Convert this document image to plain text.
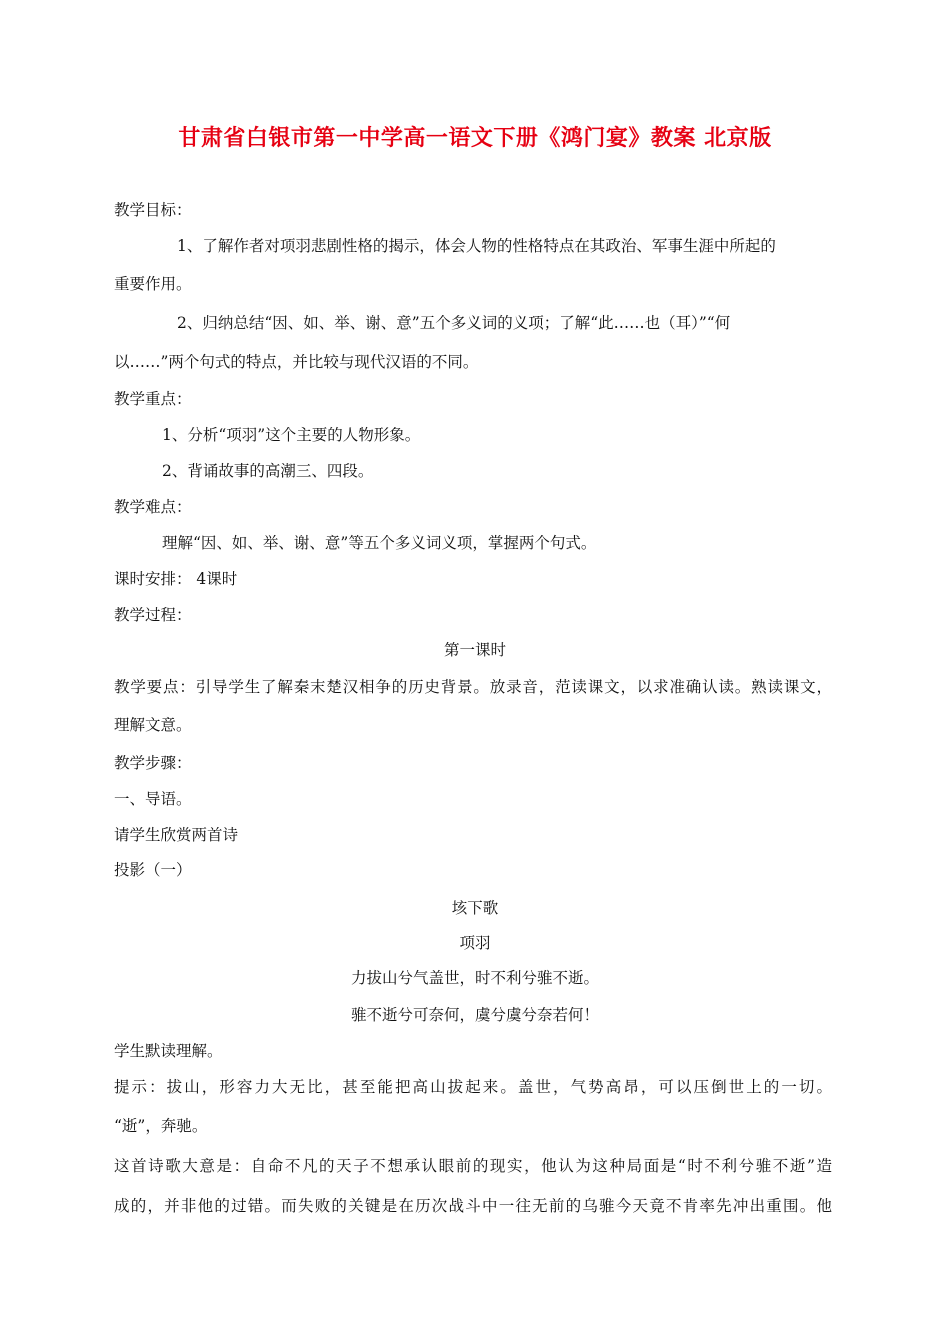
甘肃省白银市第一中学高一语文下册《鸿门宴》教案 北京版
教学目标：
1、了解作者对项羽悲剧性格的揭示，体会人物的性格特点在其政治、军事生涯中所起的
重要作用。
2、归纳总结“因、如、举、谢、意”五个多义词的义项；了解“此……也（耳）”“何
以……”两个句式的特点，并比较与现代汉语的不同。
教学重点：
1、分析“项羽”这个主要的人物形象。
2、背诵故事的高潮三、四段。
教学难点：
理解“因、如、举、谢、意”等五个多义词义项，掌握两个句式。
课时安排： 4课时
教学过程：
第一课时
教学要点：引导学生了解秦末楚汉相争的历史背景。放录音，范读课文，以求准确认读。熟读课文，
理解文意。
教学步骤：
一、导语。
请学生欣赏两首诗
投影（一）
垓下歌
项羽
力拔山兮气盖世，时不利兮骓不逝。
骓不逝兮可奈何，虞兮虞兮奈若何！
学生默读理解。
提示：拔山，形容力大无比，甚至能把高山拔起来。盖世，气势高昂，可以压倒世上的一切。
“逝”，奔驰。
这首诗歌大意是：自命不凡的天子不想承认眼前的现实，他认为这种局面是“时不利兮骓不逝”造
成的，并非他的过错。而失败的关键是在历次战斗中一往无前的乌骓今天竟不肯率先冲出重围。他
